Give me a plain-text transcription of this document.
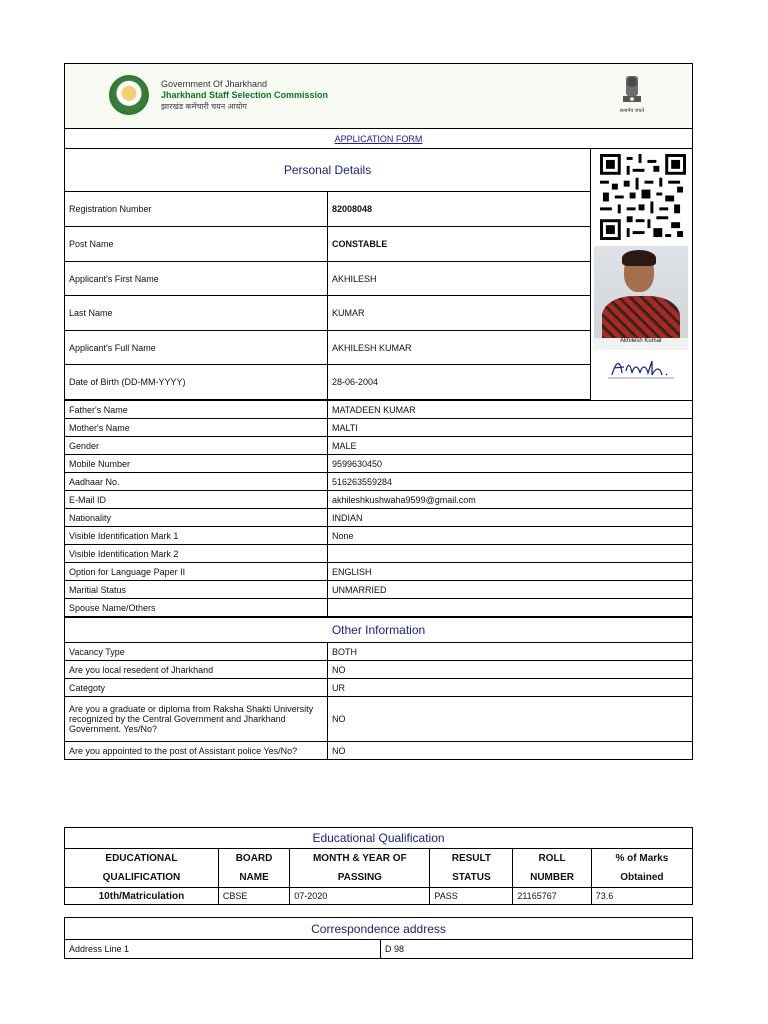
Government Of Jharkhand
Jharkhand Staff Selection Commission
झारखंड कर्मचारी चयन आयोग	सत्यमेव जयते
APPLICATION FORM
Personal Details	
Registration Number	82008048
Post Name	CONSTABLE
Applicant's First Name	AKHILESH
Last Name	KUMAR
Applicant's Full Name	AKHILESH KUMAR
Date of Birth (DD-MM-YYYY)	28-06-2004
Akhilesh Kumar
Father's Name	MATADEEN KUMAR
Mother's Name	MALTI
Gender	MALE
Mobile Number	9599630450
Aadhaar No.	516263559284
E-Mail ID	akhileshkushwaha9599@gmail.com
Nationality	INDIAN
Visible Identification Mark 1	None
Visible Identification Mark 2	
Option for Language Paper II	ENGLISH
Maritial Status	UNMARRIED
Spouse Name/Others	
Other Information	
Vacancy Type	BOTH
Are you local resedent of Jharkhand	NO
Categoty	UR
Are you a graduate or diploma from Raksha Shakti University recognized by the Central Government and Jharkhand Government. Yes/No?	NO
Are you appointed to the post of Assistant police Yes/No?	NO
Educational Qualification					
EDUCATIONAL QUALIFICATION	BOARD NAME	MONTH & YEAR OF PASSING	RESULT STATUS	ROLL NUMBER	% of Marks Obtained
10th/Matriculation	CBSE	07-2020	PASS	21165767	73.6
Correspondence address
Address Line 1	D 98
